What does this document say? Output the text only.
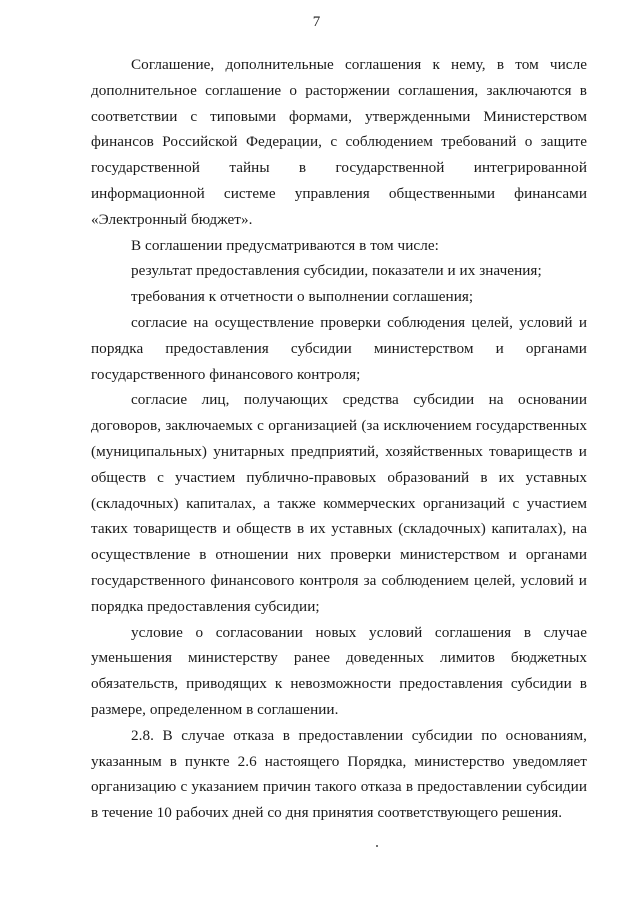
7

Соглашение, дополнительные соглашения к нему, в том числе дополнительное соглашение о расторжении соглашения, заключаются в соответствии с типовыми формами, утвержденными Министерством финансов Российской Федерации, с соблюдением требований о защите государственной тайны в государственной интегрированной информационной системе управления общественными финансами «Электронный бюджет».

В соглашении предусматриваются в том числе:

результат предоставления субсидии, показатели и их значения;

требования к отчетности о выполнении соглашения;

согласие на осуществление проверки соблюдения целей, условий и порядка предоставления субсидии министерством и органами государственного финансового контроля;

согласие лиц, получающих средства субсидии на основании договоров, заключаемых с организацией (за исключением государственных (муниципальных) унитарных предприятий, хозяйственных товариществ и обществ с участием публично-правовых образований в их уставных (складочных) капиталах, а также коммерческих организаций с участием таких товариществ и обществ в их уставных (складочных) капиталах), на осуществление в отношении них проверки министерством и органами государственного финансового контроля за соблюдением целей, условий и порядка предоставления субсидии;

условие о согласовании новых условий соглашения в случае уменьшения министерству ранее доведенных лимитов бюджетных обязательств, приводящих к невозможности предоставления субсидии в размере, определенном в соглашении.

2.8. В случае отказа в предоставлении субсидии по основаниям, указанным в пункте 2.6 настоящего Порядка, министерство уведомляет организацию с указанием причин такого отказа в предоставлении субсидии в течение 10 рабочих дней со дня принятия соответствующего решения.
